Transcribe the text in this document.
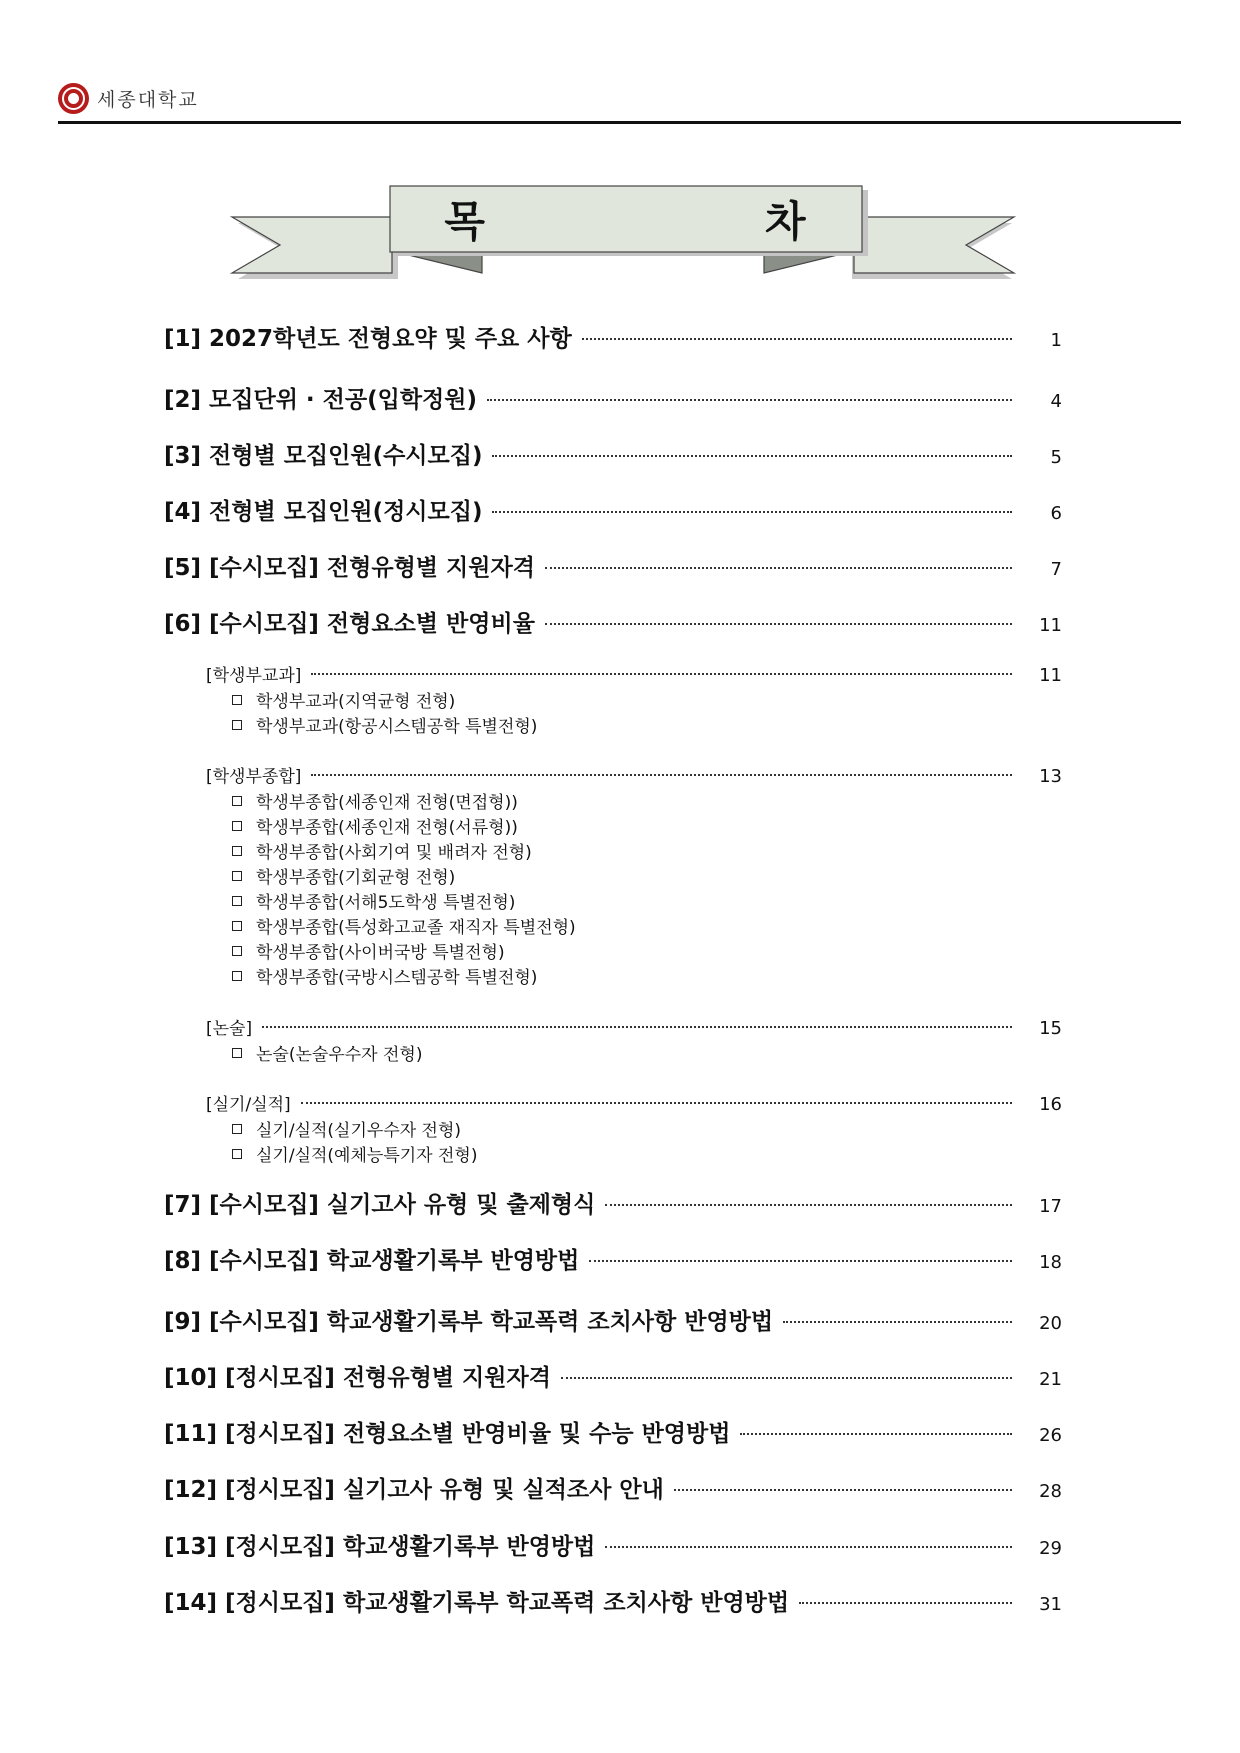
세종대학교
목	차
[1] 2027학년도 전형요약 및 주요 사항	1
[2] 모집단위 · 전공(입학정원)	4
[3] 전형별 모집인원(수시모집)	5
[4] 전형별 모집인원(정시모집)	6
[5] [수시모집] 전형유형별 지원자격	7
[6] [수시모집] 전형요소별 반영비율	11
[학생부교과]	11
학생부교과(지역균형 전형)
학생부교과(항공시스템공학 특별전형)
[학생부종합]	13
학생부종합(세종인재 전형(면접형))
학생부종합(세종인재 전형(서류형))
학생부종합(사회기여 및 배려자 전형)
학생부종합(기회균형 전형)
학생부종합(서해5도학생 특별전형)
학생부종합(특성화고교졸 재직자 특별전형)
학생부종합(사이버국방 특별전형)
학생부종합(국방시스템공학 특별전형)
[논술]	15
논술(논술우수자 전형)
[실기/실적]	16
실기/실적(실기우수자 전형)
실기/실적(예체능특기자 전형)
[7] [수시모집] 실기고사 유형 및 출제형식	17
[8] [수시모집] 학교생활기록부 반영방법	18
[9] [수시모집] 학교생활기록부 학교폭력 조치사항 반영방법	20
[10] [정시모집] 전형유형별 지원자격	21
[11] [정시모집] 전형요소별 반영비율 및 수능 반영방법	26
[12] [정시모집] 실기고사 유형 및 실적조사 안내	28
[13] [정시모집] 학교생활기록부 반영방법	29
[14] [정시모집] 학교생활기록부 학교폭력 조치사항 반영방법	31
